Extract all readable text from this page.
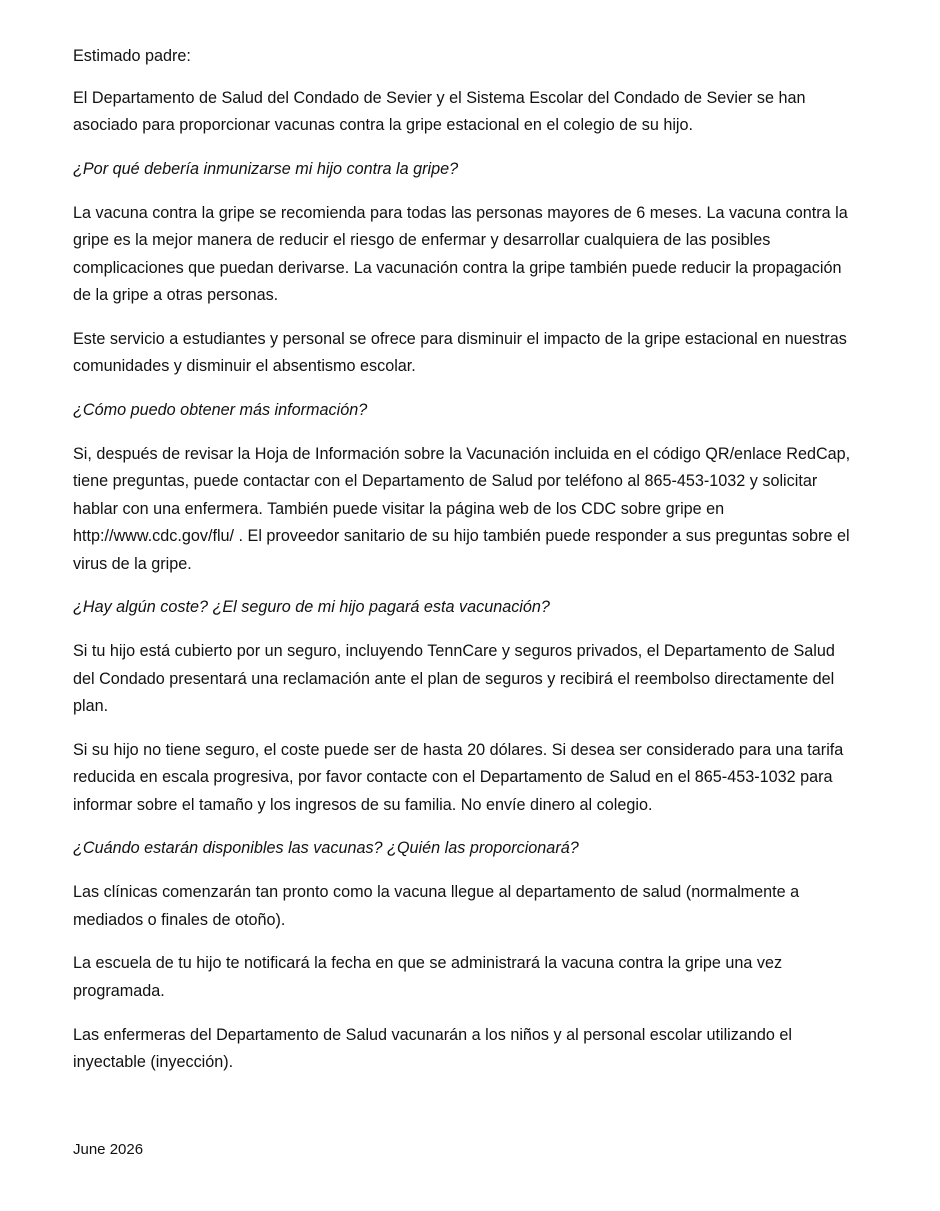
Estimado padre:

El Departamento de Salud del Condado de Sevier y el Sistema Escolar del Condado de Sevier se han asociado para proporcionar vacunas contra la gripe estacional en el colegio de su hijo.

¿Por qué debería inmunizarse mi hijo contra la gripe?

La vacuna contra la gripe se recomienda para todas las personas mayores de 6 meses. La vacuna contra la gripe es la mejor manera de reducir el riesgo de enfermar y desarrollar cualquiera de las posibles complicaciones que puedan derivarse. La vacunación contra la gripe también puede reducir la propagación de la gripe a otras personas.

Este servicio a estudiantes y personal se ofrece para disminuir el impacto de la gripe estacional en nuestras comunidades y disminuir el absentismo escolar.

¿Cómo puedo obtener más información?

Si, después de revisar la Hoja de Información sobre la Vacunación incluida en el código QR/enlace RedCap, tiene preguntas, puede contactar con el Departamento de Salud por teléfono al 865-453-1032 y solicitar hablar con una enfermera. También puede visitar la página web de los CDC sobre gripe en http://www.cdc.gov/flu/ . El proveedor sanitario de su hijo también puede responder a sus preguntas sobre el virus de la gripe.

¿Hay algún coste? ¿El seguro de mi hijo pagará esta vacunación?

Si tu hijo está cubierto por un seguro, incluyendo TennCare y seguros privados, el Departamento de Salud del Condado presentará una reclamación ante el plan de seguros y recibirá el reembolso directamente del plan.

Si su hijo no tiene seguro, el coste puede ser de hasta 20 dólares. Si desea ser considerado para una tarifa reducida en escala progresiva, por favor contacte con el Departamento de Salud en el 865-453-1032 para informar sobre el tamaño y los ingresos de su familia. No envíe dinero al colegio.

¿Cuándo estarán disponibles las vacunas? ¿Quién las proporcionará?

Las clínicas comenzarán tan pronto como la vacuna llegue al departamento de salud (normalmente a mediados o finales de otoño).

La escuela de tu hijo te notificará la fecha en que se administrará la vacuna contra la gripe una vez programada.

Las enfermeras del Departamento de Salud vacunarán a los niños y al personal escolar utilizando el inyectable (inyección).

June 2026
